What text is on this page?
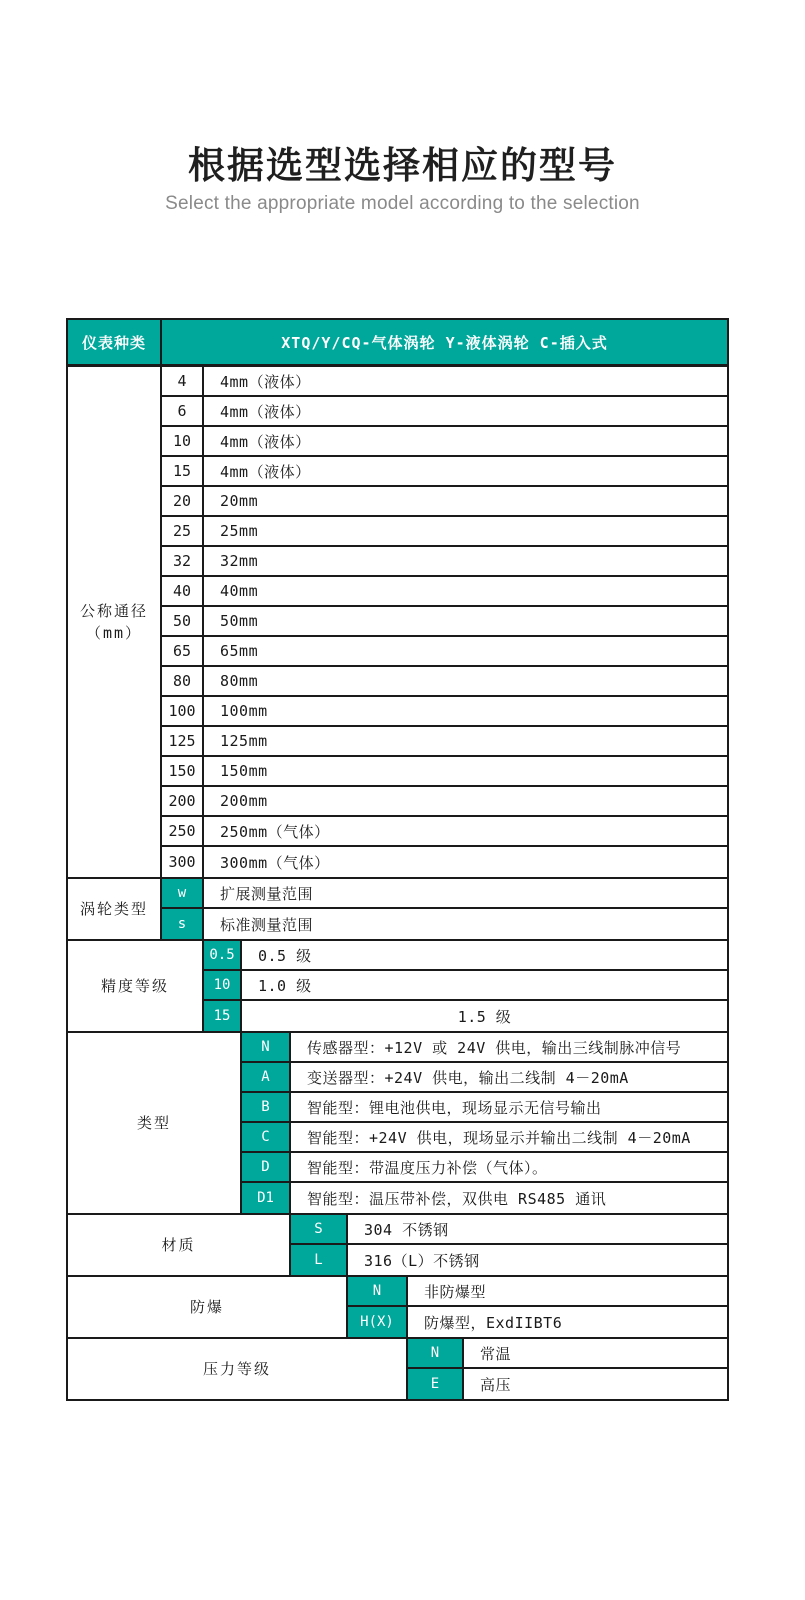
根据选型选择相应的型号
Select the appropriate model according to the selection
仪表种类	XTQ/Y/CQ-气体涡轮 Y-液体涡轮 C-插入式
公称通径
（mm）
4	4mm（液体）
6	4mm（液体）
10	4mm（液体）
15	4mm（液体）
20	20mm
25	25mm
32	32mm
40	40mm
50	50mm
65	65mm
80	80mm
100	100mm
125	125mm
150	150mm
200	200mm
250	250mm（气体）
300	300mm（气体）
涡轮类型
w	扩展测量范围
s	标准测量范围
精度等级
0.5	0.5 级
10	1.0 级
15	1.5 级
类型
N	传感器型：+12V 或 24V 供电，输出三线制脉冲信号
A	变送器型：+24V 供电，输出二线制 4－20mA
B	智能型：锂电池供电，现场显示无信号输出
C	智能型：+24V 供电，现场显示并输出二线制 4－20mA
D	智能型：带温度压力补偿（气体）。
D1	智能型：温压带补偿，双供电 RS485 通讯
材质
S	304 不锈钢
L	316（L）不锈钢
防爆
N	非防爆型
H(X)	防爆型，ExdIIBT6
压力等级
N	常温
E	高压
